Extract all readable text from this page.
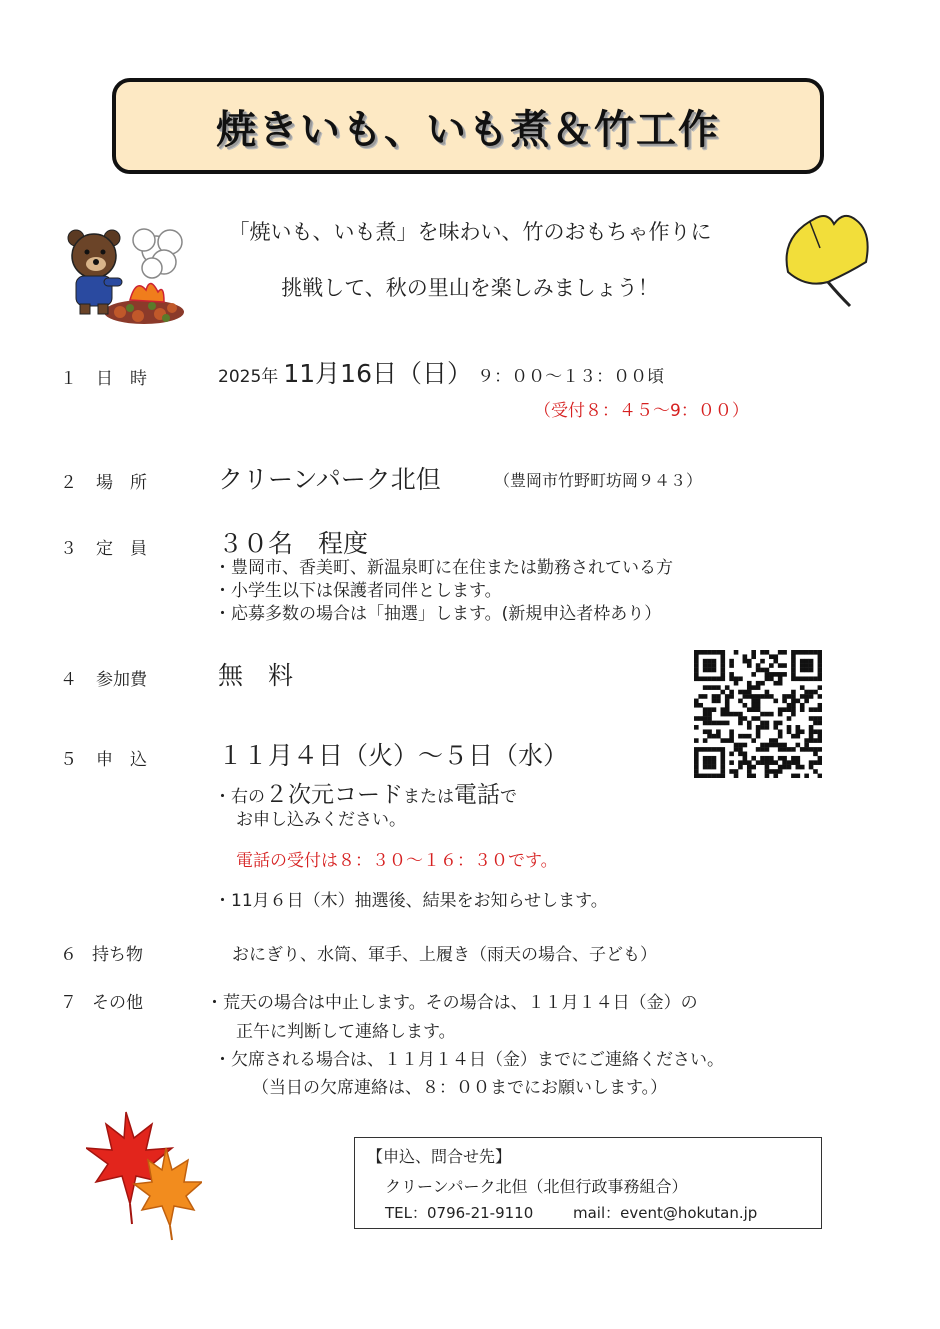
焼きいも、いも煮＆竹工作
「焼いも、いも煮」を味わい、竹のおもちゃ作りに
挑戦して、秋の里山を楽しみましょう！
１ 日　時	2025年 11月16日（日） ９：００～１３：００頃
（受付８：４５～9：００）
２ 場　所	クリーンパーク北但	（豊岡市竹野町坊岡９４３）
３ 定　員	３０名　程度
・豊岡市、香美町、新温泉町に在住または勤務されている方
・小学生以下は保護者同伴とします。
・応募多数の場合は「抽選」します。(新規申込者枠あり）
４ 参加費	無　料
５ 申　込	１１月４日（火）～５日（水）
・右の２次元コードまたは電話で
お申し込みください。
電話の受付は８：３０～１６：３０です。
・11月６日（木）抽選後、結果をお知らせします。
６ 持ち物	おにぎり、水筒、軍手、上履き（雨天の場合、子ども）
７ その他	・荒天の場合は中止します。その場合は、１１月１４日（金）の
正午に判断して連絡します。
・欠席される場合は、１１月１４日（金）までにご連絡ください。
（当日の欠席連絡は、８：００までにお願いします。）
【申込、問合せ先】
クリーンパーク北但（北但行政事務組合）
TEL：0796-21-9110	mail：event@hokutan.jp
